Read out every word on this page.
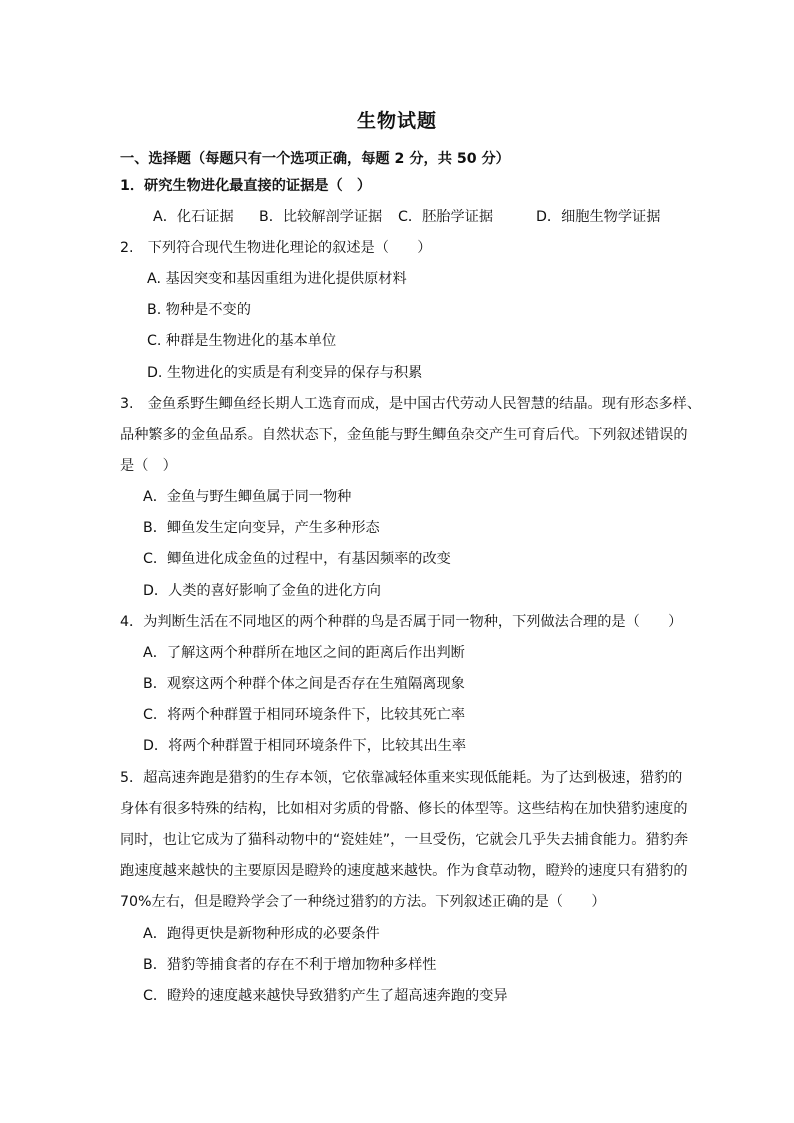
生物试题
一、选择题（每题只有一个选项正确，每题 2 分，共 50 分）
1．研究生物进化最直接的证据是（　）
A．化石证据 B．比较解剖学证据 C．胚胎学证据	D．细胞生物学证据
2.　下列符合现代生物进化理论的叙述是（　　）
A. 基因突变和基因重组为进化提供原材料
B. 物种是不变的
C. 种群是生物进化的基本单位
D. 生物进化的实质是有利变异的保存与积累
3.　金鱼系野生鲫鱼经长期人工选育而成，是中国古代劳动人民智慧的结晶。现有形态多样、
品种繁多的金鱼品系。自然状态下，金鱼能与野生鲫鱼杂交产生可育后代。下列叙述错误的
是（　）
A．金鱼与野生鲫鱼属于同一物种
B．鲫鱼发生定向变异，产生多种形态
C．鲫鱼进化成金鱼的过程中，有基因频率的改变
D．人类的喜好影响了金鱼的进化方向
4．为判断生活在不同地区的两个种群的鸟是否属于同一物种，下列做法合理的是（　　）
A．了解这两个种群所在地区之间的距离后作出判断
B．观察这两个种群个体之间是否存在生殖隔离现象
C．将两个种群置于相同环境条件下，比较其死亡率
D．将两个种群置于相同环境条件下，比较其出生率
5．超高速奔跑是猎豹的生存本领，它依靠减轻体重来实现低能耗。为了达到极速，猎豹的
身体有很多特殊的结构，比如相对劣质的骨骼、修长的体型等。这些结构在加快猎豹速度的
同时，也让它成为了猫科动物中的“瓷娃娃”，一旦受伤，它就会几乎失去捕食能力。猎豹奔
跑速度越来越快的主要原因是瞪羚的速度越来越快。作为食草动物，瞪羚的速度只有猎豹的
70%左右，但是瞪羚学会了一种绕过猎豹的方法。下列叙述正确的是（　　）
A．跑得更快是新物种形成的必要条件
B．猎豹等捕食者的存在不利于增加物种多样性
C．瞪羚的速度越来越快导致猎豹产生了超高速奔跑的变异
